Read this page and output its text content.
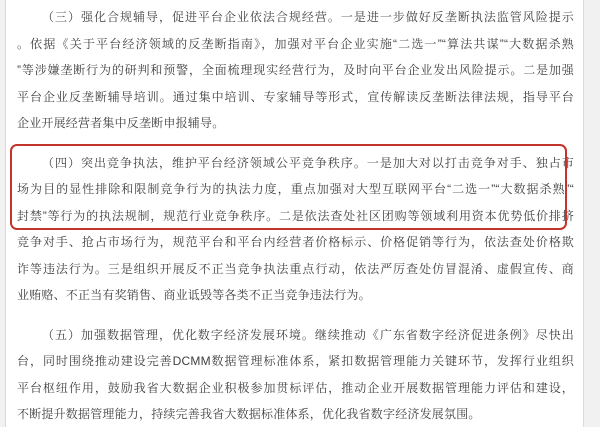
（三）强化合规辅导，促进平台企业依法合规经营。一是进一步做好反垄断执法监管风险提示
。依据《关于平台经济领域的反垄断指南》，加强对平台企业实施“二选一”“算法共谋”“大数据杀熟
”等涉嫌垄断行为的研判和预警，全面梳理现实经营行为，及时向平台企业发出风险提示。二是加强
平台企业反垄断辅导培训。通过集中培训、专家辅导等形式，宣传解读反垄断法律法规，指导平台
企业开展经营者集中反垄断申报辅导。
（四）突出竞争执法，维护平台经济领域公平竞争秩序。一是加大对以打击竞争对手、独占市
场为目的显性排除和限制竞争行为的执法力度，重点加强对大型互联网平台“二选一”“大数据杀熟”“
封禁”等行为的执法规制，规范行业竞争秩序。二是依法查处社区团购等领域利用资本优势低价排挤
竞争对手、抢占市场行为，规范平台和平台内经营者价格标示、价格促销等行为，依法查处价格欺
诈等违法行为。三是组织开展反不正当竞争执法重点行动，依法严厉查处仿冒混淆、虚假宣传、商
业贿赂、不正当有奖销售、商业诋毁等各类不正当竞争违法行为。
（五）加强数据管理，优化数字经济发展环境。继续推动《广东省数字经济促进条例》尽快出
台，同时围绕推动建设完善DCMM数据管理标准体系，紧扣数据管理能力关键环节，发挥行业组织
平台枢纽作用，鼓励我省大数据企业积极参加贯标评估，推动企业开展数据管理能力评估和建设，
不断提升数据管理能力，持续完善我省大数据标准体系，优化我省数字经济发展氛围。
